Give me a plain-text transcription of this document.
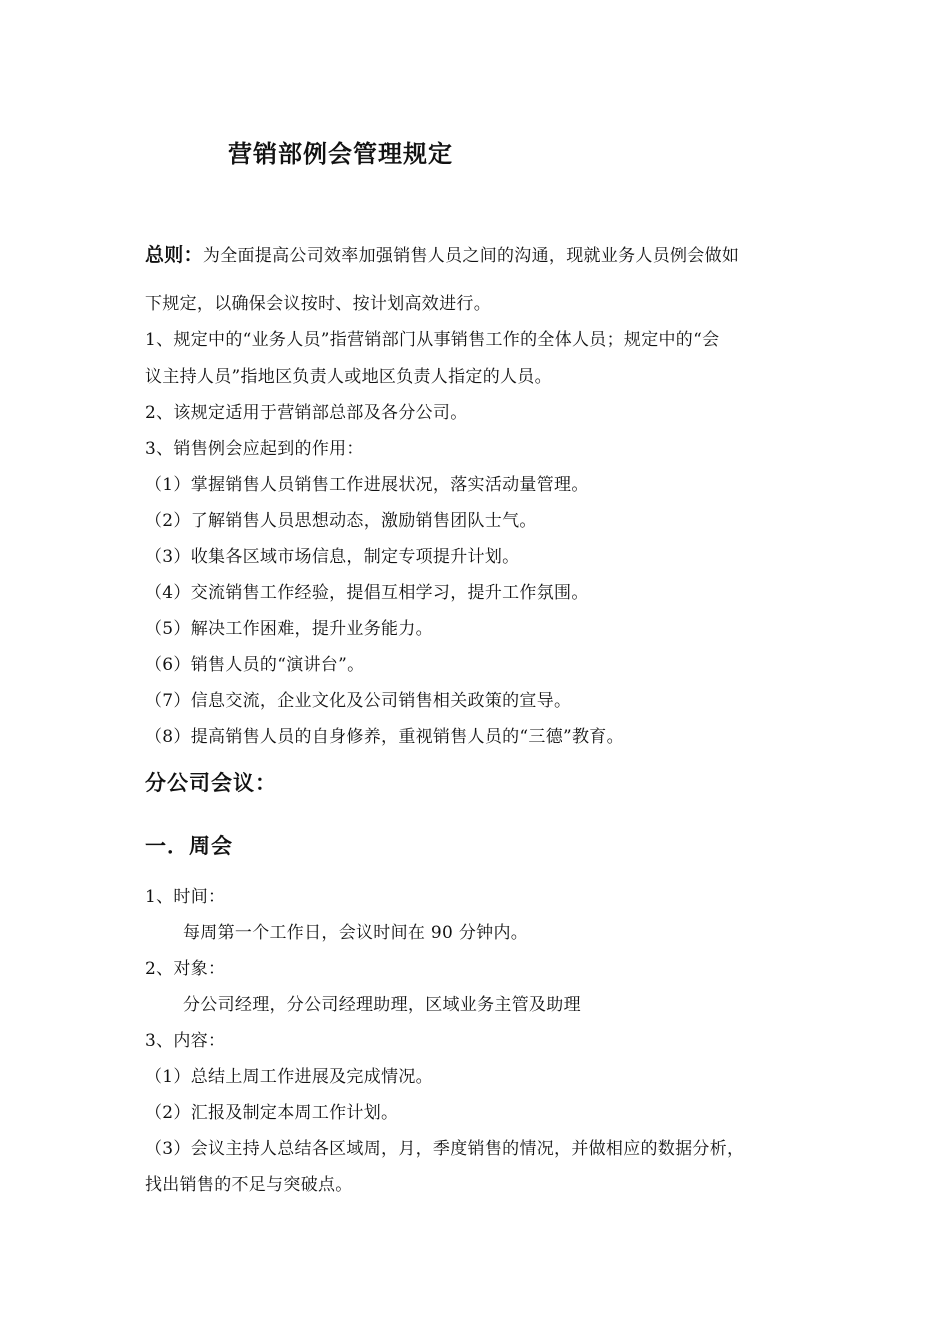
营销部例会管理规定
总则：为全面提高公司效率加强销售人员之间的沟通，现就业务人员例会做如
下规定，以确保会议按时、按计划高效进行。
1、规定中的“业务人员”指营销部门从事销售工作的全体人员；规定中的“会
议主持人员”指地区负责人或地区负责人指定的人员。
2、该规定适用于营销部总部及各分公司。
3、销售例会应起到的作用：
（1）掌握销售人员销售工作进展状况，落实活动量管理。
（2）了解销售人员思想动态，激励销售团队士气。
（3）收集各区域市场信息，制定专项提升计划。
（4）交流销售工作经验，提倡互相学习，提升工作氛围。
（5）解决工作困难，提升业务能力。
（6）销售人员的“演讲台”。
（7）信息交流，企业文化及公司销售相关政策的宣导。
（8）提高销售人员的自身修养，重视销售人员的“三德”教育。
分公司会议：
一．周会
1、时间：
每周第一个工作日，会议时间在 90 分钟内。
2、对象：
分公司经理，分公司经理助理，区域业务主管及助理
3、内容：
（1）总结上周工作进展及完成情况。
（2）汇报及制定本周工作计划。
（3）会议主持人总结各区域周，月，季度销售的情况，并做相应的数据分析，
找出销售的不足与突破点。
